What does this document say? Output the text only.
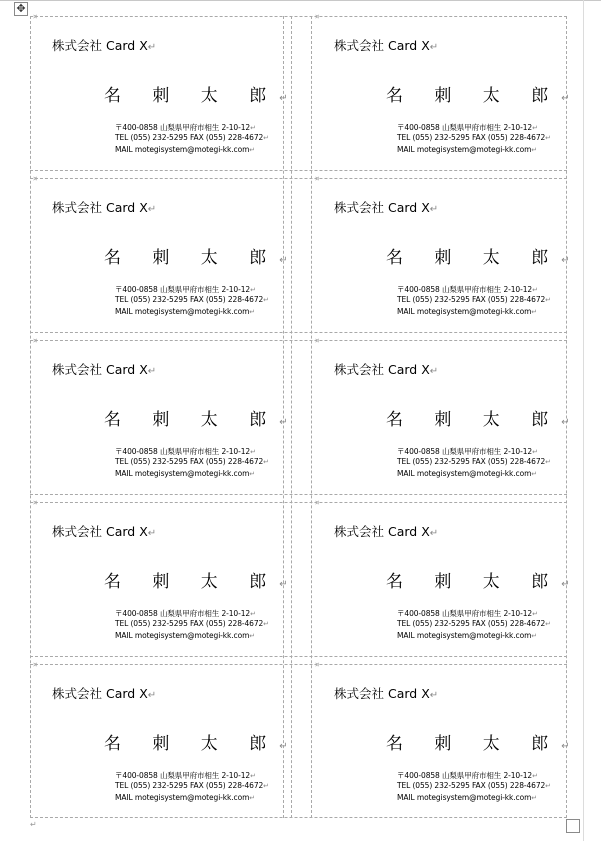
✥
¤
株式会社 Card X↵
名 刺 太 郎↵
〒400-0858 山梨県甲府市相生 2-10-12↵
TEL (055) 232-5295 FAX (055) 228-4672↵
MAIL motegisystem@motegi-kk.com↵
¤
株式会社 Card X↵
名 刺 太 郎↵
〒400-0858 山梨県甲府市相生 2-10-12↵
TEL (055) 232-5295 FAX (055) 228-4672↵
MAIL motegisystem@motegi-kk.com↵
¤
株式会社 Card X↵
名 刺 太 郎↵
〒400-0858 山梨県甲府市相生 2-10-12↵
TEL (055) 232-5295 FAX (055) 228-4672↵
MAIL motegisystem@motegi-kk.com↵
¤
株式会社 Card X↵
名 刺 太 郎↵
〒400-0858 山梨県甲府市相生 2-10-12↵
TEL (055) 232-5295 FAX (055) 228-4672↵
MAIL motegisystem@motegi-kk.com↵
¤
株式会社 Card X↵
名 刺 太 郎↵
〒400-0858 山梨県甲府市相生 2-10-12↵
TEL (055) 232-5295 FAX (055) 228-4672↵
MAIL motegisystem@motegi-kk.com↵
¤
株式会社 Card X↵
名 刺 太 郎↵
〒400-0858 山梨県甲府市相生 2-10-12↵
TEL (055) 232-5295 FAX (055) 228-4672↵
MAIL motegisystem@motegi-kk.com↵
¤
株式会社 Card X↵
名 刺 太 郎↵
〒400-0858 山梨県甲府市相生 2-10-12↵
TEL (055) 232-5295 FAX (055) 228-4672↵
MAIL motegisystem@motegi-kk.com↵
¤
株式会社 Card X↵
名 刺 太 郎↵
〒400-0858 山梨県甲府市相生 2-10-12↵
TEL (055) 232-5295 FAX (055) 228-4672↵
MAIL motegisystem@motegi-kk.com↵
¤
株式会社 Card X↵
名 刺 太 郎↵
〒400-0858 山梨県甲府市相生 2-10-12↵
TEL (055) 232-5295 FAX (055) 228-4672↵
MAIL motegisystem@motegi-kk.com↵
¤
株式会社 Card X↵
名 刺 太 郎↵
〒400-0858 山梨県甲府市相生 2-10-12↵
TEL (055) 232-5295 FAX (055) 228-4672↵
MAIL motegisystem@motegi-kk.com↵
↵
